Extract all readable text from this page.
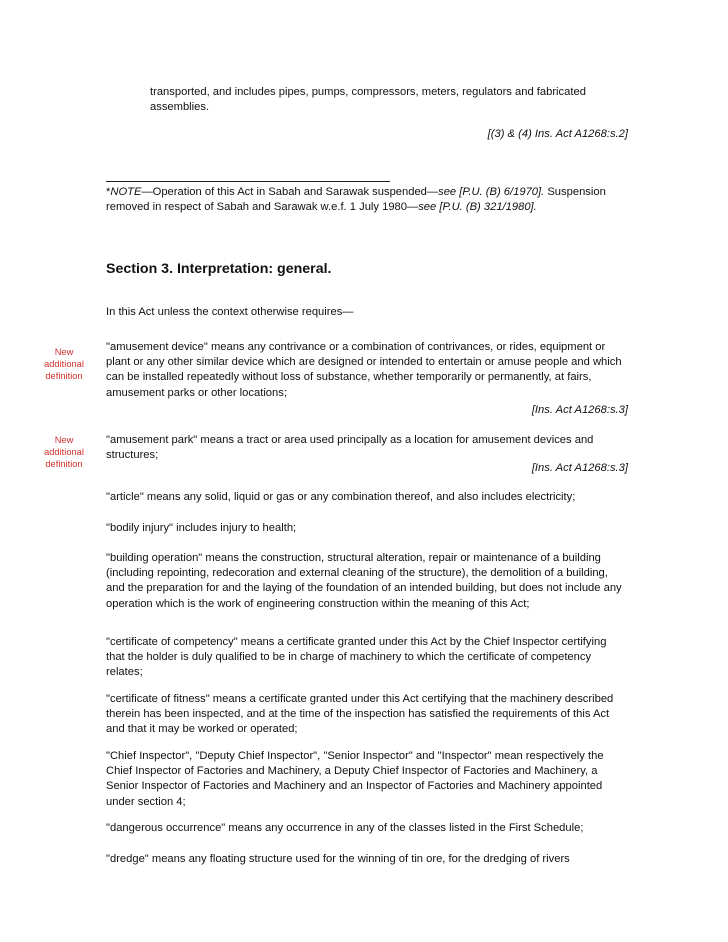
transported, and includes pipes, pumps, compressors, meters, regulators and fabricated assemblies.

[(3) & (4) Ins. Act A1268:s.2]

*NOTE—Operation of this Act in Sabah and Sarawak suspended—see [P.U. (B) 6/1970]. Suspension removed in respect of Sabah and Sarawak w.e.f. 1 July 1980—see [P.U. (B) 321/1980].

Section 3. Interpretation: general.

In this Act unless the context otherwise requires—

New
additional
definition

"amusement device" means any contrivance or a combination of contrivances, or rides, equipment or plant or any other similar device which are designed or intended to entertain or amuse people and which can be installed repeatedly without loss of substance, whether temporarily or permanently, at fairs, amusement parks or other locations;

[Ins. Act A1268:s.3]

New
additional
definition

"amusement park" means a tract or area used principally as a location for amusement devices and structures;

[Ins. Act A1268:s.3]

"article" means any solid, liquid or gas or any combination thereof, and also includes electricity;

"bodily injury" includes injury to health;

"building operation" means the construction, structural alteration, repair or maintenance of a building (including repointing, redecoration and external cleaning of the structure), the demolition of a building, and the preparation for and the laying of the foundation of an intended building, but does not include any operation which is the work of engineering construction within the meaning of this Act;

"certificate of competency" means a certificate granted under this Act by the Chief Inspector certifying that the holder is duly qualified to be in charge of machinery to which the certificate of competency relates;

"certificate of fitness" means a certificate granted under this Act certifying that the machinery described therein has been inspected, and at the time of the inspection has satisfied the requirements of this Act and that it may be worked or operated;

"Chief Inspector", "Deputy Chief Inspector", "Senior Inspector" and "Inspector" mean respectively the Chief Inspector of Factories and Machinery, a Deputy Chief Inspector of Factories and Machinery, a Senior Inspector of Factories and Machinery and an Inspector of Factories and Machinery appointed under section 4;

"dangerous occurrence" means any occurrence in any of the classes listed in the First Schedule;

"dredge" means any floating structure used for the winning of tin ore, for the dredging of rivers
